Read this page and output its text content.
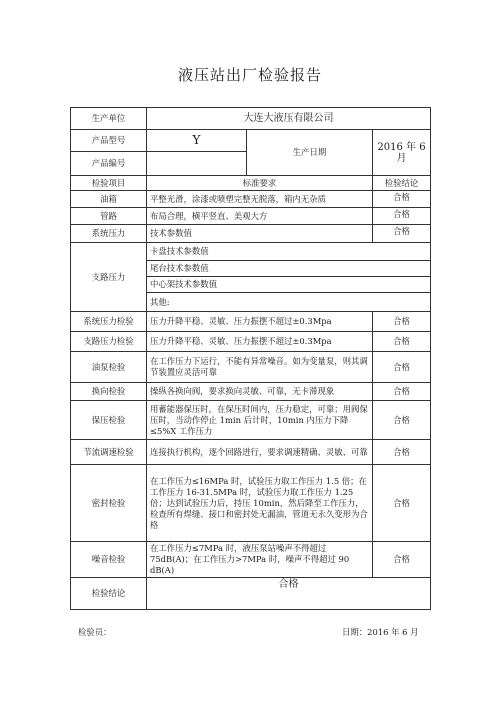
液压站出厂检验报告
生产单位	大连大液压有限公司		
产品型号	Y	生产日期	2016 年 6 月
产品编号			
检验项目	标准要求		检验结论
油箱	平整光滑，涂漆或喷塑完整无脱落，箱内无杂质		合格
管路	布局合理，横平竖直、美观大方		合格
系统压力	技术参数值		合格
支路压力	卡盘技术参数值		
	尾台技术参数值		
	中心架技术参数值		
	其他:		
系统压力检验	压力升降平稳、灵敏、压力振摆不超过±0.3Mpa		合格
支路压力检验	压力升降平稳、灵敏、压力振摆不超过±0.3Mpa		合格
油泵检验	在工作压力下运行，不能有异常噪音。如为变量泵，则其调节装置应灵活可靠		合格
换向检验	操纵各换向阀，要求换向灵敏、可靠，无卡滞现象		合格
保压检验	用蓄能器保压时，在保压时间内，压力稳定，可靠；用阀保压时，当动作停止 1min 后计时，10min 内压力下降≤5%X 工作压力		合格
节流调速检验	连接执行机构，逐个回路进行，要求调速精确、灵敏、可靠		合格
密封检验	在工作压力≤16MPa 时，试验压力取工作压力 1.5 倍；在工作压力 16-31.5MPa 时，试验压力取工作压力 1.25 倍；达到试验压力后，持压 10min，然后降至工作压力，检查所有焊缝、接口和密封处无漏油，管道无永久变形为合格		合格
噪音检验	在工作压力≤7MPa 时，液压泵站噪声不得超过 75dB(A)；在工作压力>7MPa 时，噪声不得超过 90 dB(A)		合格
检验结论	合格		
检验员：	日期：2016 年 6 月
